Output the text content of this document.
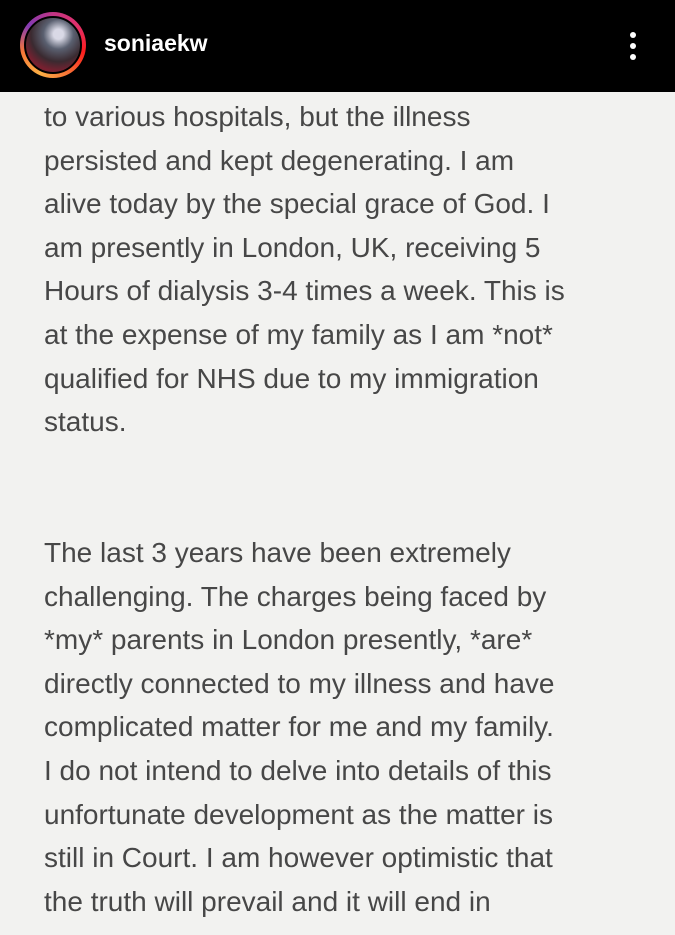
soniaekw
to various hospitals, but the illness
persisted and kept degenerating. I am
alive today by the special grace of God. I
am presently in London, UK, receiving 5
Hours of dialysis 3-4 times a week. This is
at the expense of my family as I am *not*
qualified for NHS due to my immigration
status.
The last 3 years have been extremely
challenging. The charges being faced by
*my* parents in London presently, *are*
directly connected to my illness and have
complicated matter for me and my family.
I do not intend to delve into details of this
unfortunate development as the matter is
still in Court. I am however optimistic that
the truth will prevail and it will end in
